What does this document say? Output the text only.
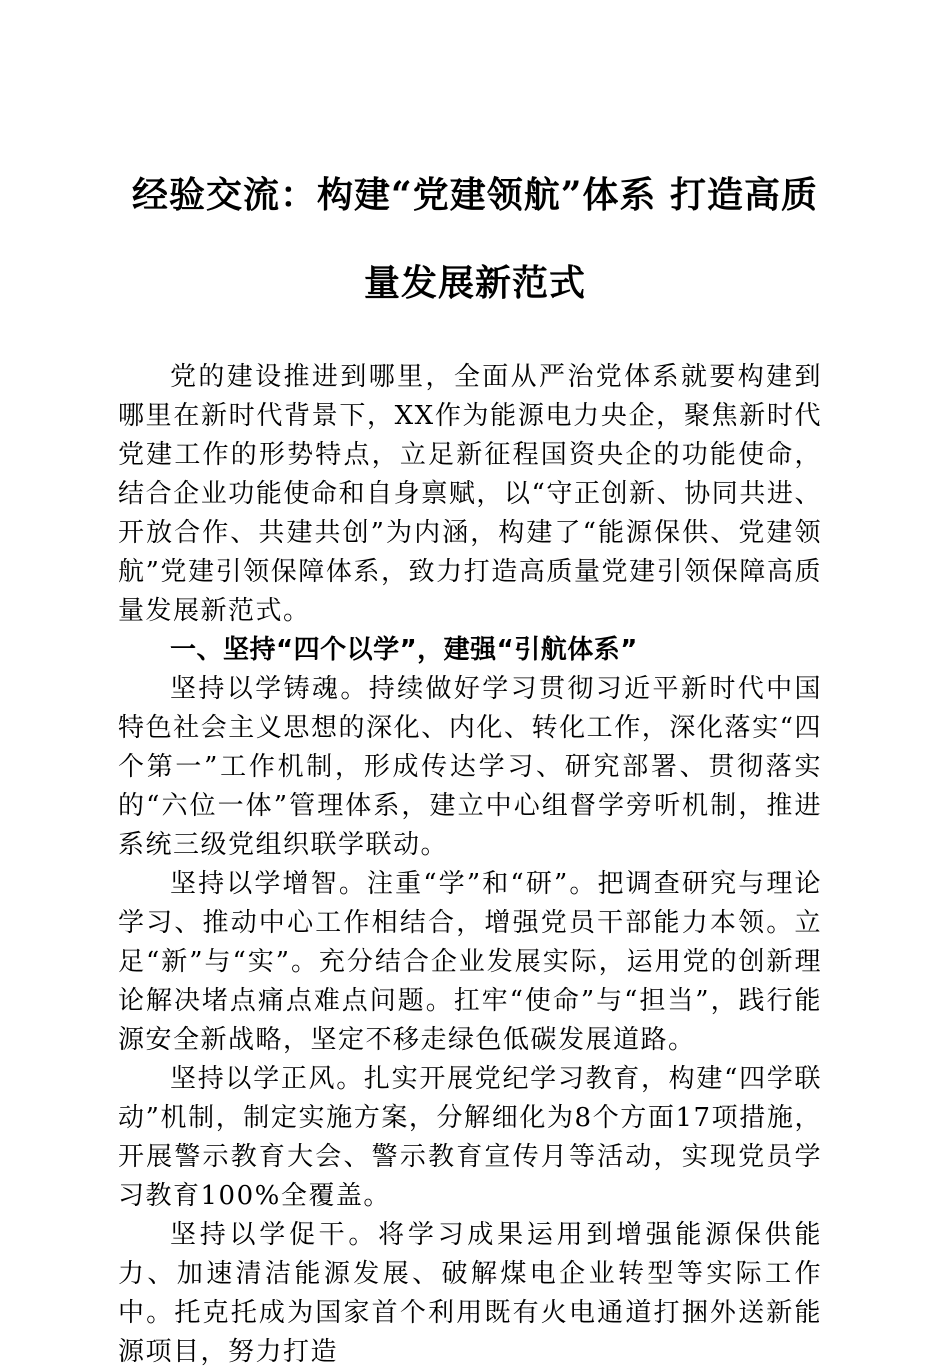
经验交流：构建“党建领航”体系 打造高质
量发展新范式

党的建设推进到哪里，全面从严治党体系就要构建到哪里在新时代背景下，XX作为能源电力央企，聚焦新时代党建工作的形势特点，立足新征程国资央企的功能使命，结合企业功能使命和自身禀赋，以“守正创新、协同共进、开放合作、共建共创”为内涵，构建了“能源保供、党建领航”党建引领保障体系，致力打造高质量党建引领保障高质量发展新范式。

一、坚持“四个以学”，建强“引航体系”

坚持以学铸魂。持续做好学习贯彻习近平新时代中国特色社会主义思想的深化、内化、转化工作，深化落实“四个第一”工作机制，形成传达学习、研究部署、贯彻落实的“六位一体”管理体系，建立中心组督学旁听机制，推进系统三级党组织联学联动。

坚持以学增智。注重“学”和“研”。把调查研究与理论学习、推动中心工作相结合，增强党员干部能力本领。立足“新”与“实”。充分结合企业发展实际，运用党的创新理论解决堵点痛点难点问题。扛牢“使命”与“担当”，践行能源安全新战略，坚定不移走绿色低碳发展道路。

坚持以学正风。扎实开展党纪学习教育，构建“四学联动”机制，制定实施方案，分解细化为8个方面17项措施，开展警示教育大会、警示教育宣传月等活动，实现党员学习教育100%全覆盖。

坚持以学促干。将学习成果运用到增强能源保供能力、加速清洁能源发展、破解煤电企业转型等实际工作中。托克托成为国家首个利用既有火电通道打捆外送新能源项目，努力打造
